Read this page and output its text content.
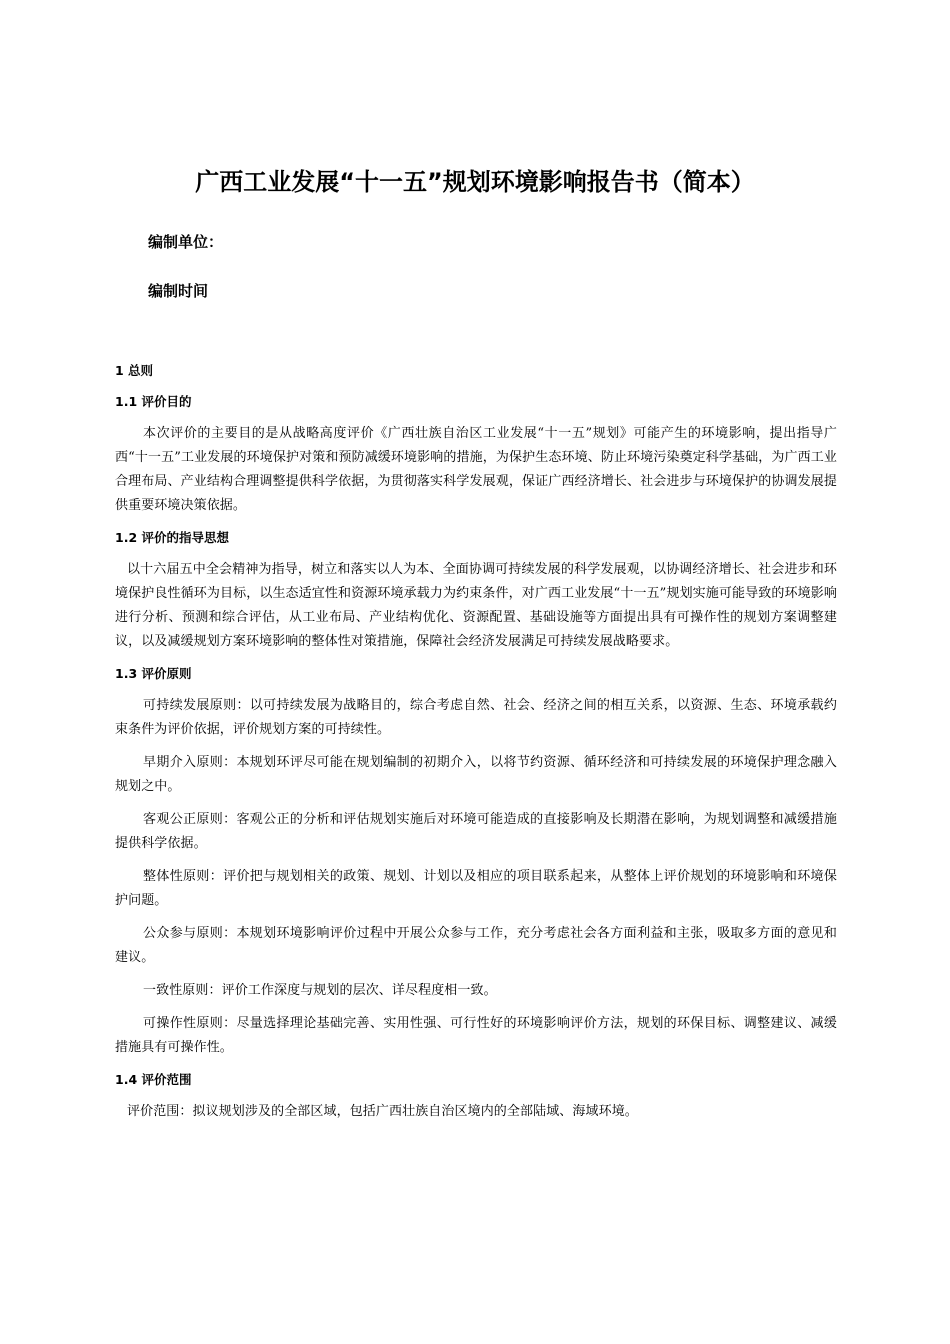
广西工业发展“十一五”规划环境影响报告书（简本）

编制单位：

编制时间

1 总则

1.1 评价目的

本次评价的主要目的是从战略高度评价《广西壮族自治区工业发展“十一五”规划》可能产生的环境影响，提出指导广西“十一五”工业发展的环境保护对策和预防减缓环境影响的措施，为保护生态环境、防止环境污染奠定科学基础，为广西工业合理布局、产业结构合理调整提供科学依据，为贯彻落实科学发展观，保证广西经济增长、社会进步与环境保护的协调发展提供重要环境决策依据。

1.2 评价的指导思想

以十六届五中全会精神为指导，树立和落实以人为本、全面协调可持续发展的科学发展观，以协调经济增长、社会进步和环境保护良性循环为目标，以生态适宜性和资源环境承载力为约束条件，对广西工业发展“十一五”规划实施可能导致的环境影响进行分析、预测和综合评估，从工业布局、产业结构优化、资源配置、基础设施等方面提出具有可操作性的规划方案调整建议，以及减缓规划方案环境影响的整体性对策措施，保障社会经济发展满足可持续发展战略要求。

1.3 评价原则

可持续发展原则：以可持续发展为战略目的，综合考虑自然、社会、经济之间的相互关系，以资源、生态、环境承载约束条件为评价依据，评价规划方案的可持续性。

早期介入原则：本规划环评尽可能在规划编制的初期介入，以将节约资源、循环经济和可持续发展的环境保护理念融入规划之中。

客观公正原则：客观公正的分析和评估规划实施后对环境可能造成的直接影响及长期潜在影响，为规划调整和减缓措施提供科学依据。

整体性原则：评价把与规划相关的政策、规划、计划以及相应的项目联系起来，从整体上评价规划的环境影响和环境保护问题。

公众参与原则：本规划环境影响评价过程中开展公众参与工作，充分考虑社会各方面利益和主张，吸取多方面的意见和建议。

一致性原则：评价工作深度与规划的层次、详尽程度相一致。

可操作性原则：尽量选择理论基础完善、实用性强、可行性好的环境影响评价方法，规划的环保目标、调整建议、减缓措施具有可操作性。

1.4 评价范围

评价范围：拟议规划涉及的全部区域，包括广西壮族自治区境内的全部陆域、海域环境。
